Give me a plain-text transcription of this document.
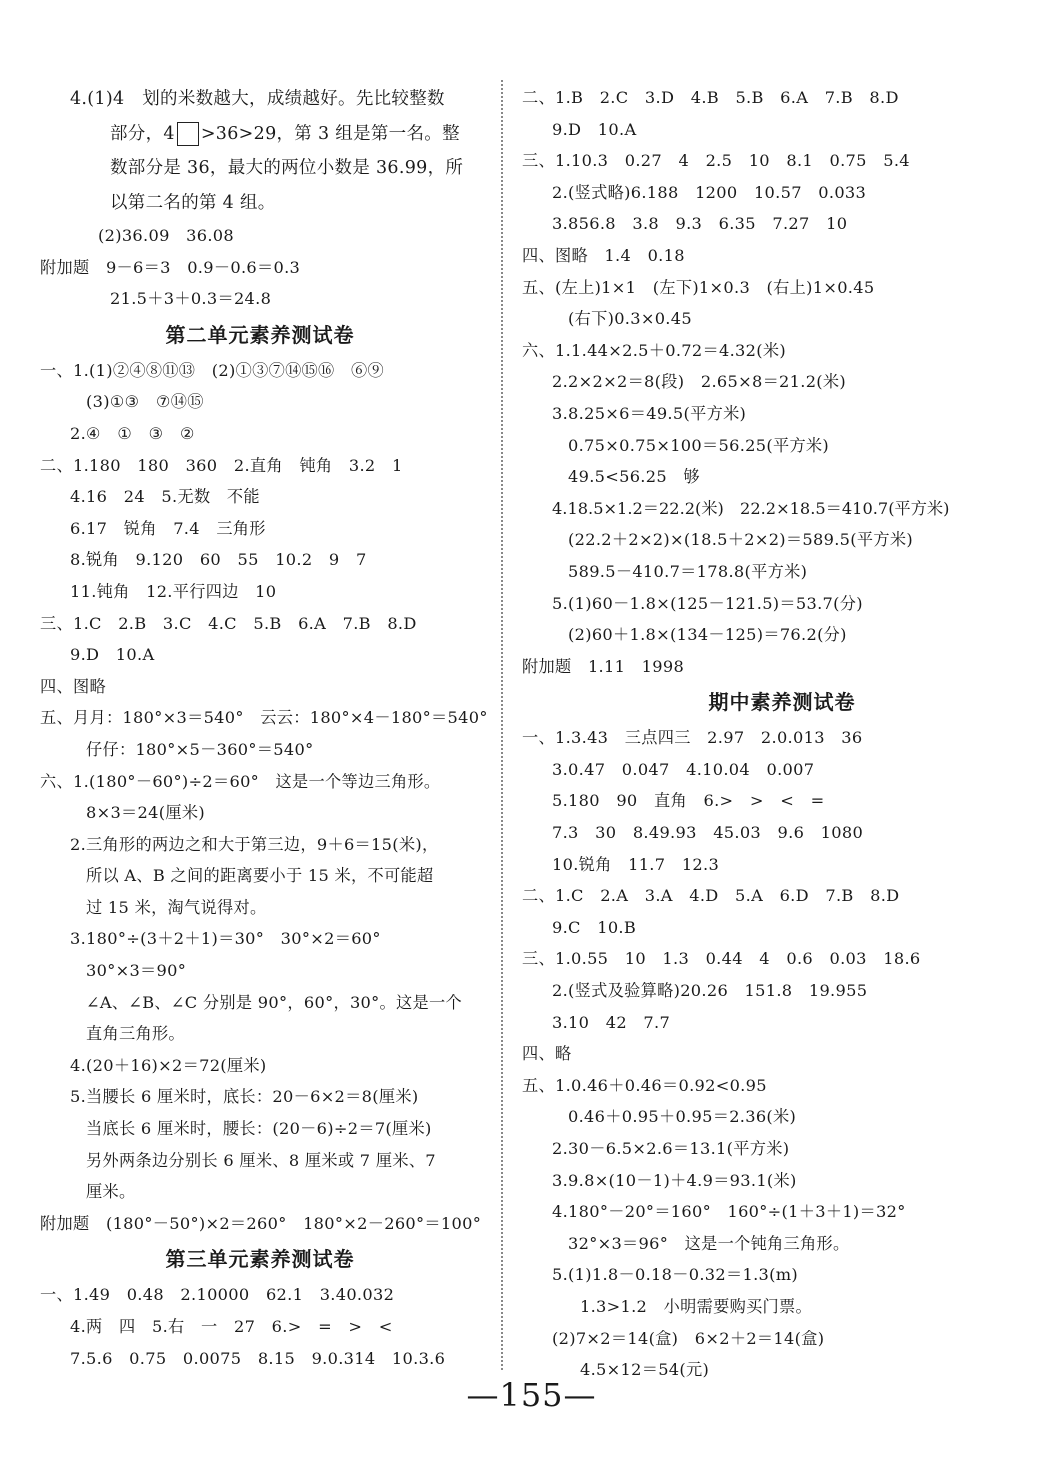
4.(1)4　划的米数越大，成绩越好。先比较整数
部分，4 >36>29，第 3 组是第一名。整
数部分是 36，最大的两位小数是 36.99，所
以第二名的第 4 组。
(2)36.09　36.08
附加题　9－6＝3　0.9－0.6＝0.3
21.5＋3＋0.3＝24.8
第二单元素养测试卷
一、1.(1)②④⑧⑪⑬　(2)①③⑦⑭⑮⑯　⑥⑨
(3)①③　⑦⑭⑮
2.④　①　③　②
二、1.180　180　360　2.直角　钝角　3.2　1
4.16　24　5.无数　不能
6.17　锐角　7.4　三角形
8.锐角　9.120　60　55　10.2　9　7
11.钝角　12.平行四边　10
三、1.C　2.B　3.C　4.C　5.B　6.A　7.B　8.D
9.D　10.A
四、图略
五、月月：180°×3＝540°　云云：180°×4－180°＝540°
仔仔：180°×5－360°＝540°
六、1.(180°－60°)÷2＝60°　这是一个等边三角形。
8×3＝24(厘米)
2.三角形的两边之和大于第三边，9＋6＝15(米)，
所以 A、B 之间的距离要小于 15 米，不可能超
过 15 米，淘气说得对。
3.180°÷(3＋2＋1)＝30°　30°×2＝60°
30°×3＝90°
∠A、∠B、∠C 分别是 90°，60°，30°。这是一个
直角三角形。
4.(20＋16)×2＝72(厘米)
5.当腰长 6 厘米时，底长：20－6×2＝8(厘米)
当底长 6 厘米时，腰长：(20－6)÷2＝7(厘米)
另外两条边分别长 6 厘米、8 厘米或 7 厘米、7
厘米。
附加题　(180°－50°)×2＝260°　180°×2－260°＝100°
第三单元素养测试卷
一、1.49　0.48　2.10000　62.1　3.40.032
4.两　四　5.右　一　27　6.>　=　>　<
7.5.6　0.75　0.0075　8.15　9.0.314　10.3.6
二、1.B　2.C　3.D　4.B　5.B　6.A　7.B　8.D
9.D　10.A
三、1.10.3　0.27　4　2.5　10　8.1　0.75　5.4
2.(竖式略)6.188　1200　10.57　0.033
3.856.8　3.8　9.3　6.35　7.27　10
四、图略　1.4　0.18
五、(左上)1×1　(左下)1×0.3　(右上)1×0.45
(右下)0.3×0.45
六、1.1.44×2.5＋0.72＝4.32(米)
2.2×2×2＝8(段)　2.65×8＝21.2(米)
3.8.25×6＝49.5(平方米)
0.75×0.75×100＝56.25(平方米)
49.5<56.25　够
4.18.5×1.2＝22.2(米)　22.2×18.5＝410.7(平方米)
(22.2＋2×2)×(18.5＋2×2)＝589.5(平方米)
589.5－410.7＝178.8(平方米)
5.(1)60－1.8×(125－121.5)＝53.7(分)
(2)60＋1.8×(134－125)＝76.2(分)
附加题　1.11　1998
期中素养测试卷
一、1.3.43　三点四三　2.97　2.0.013　36
3.0.47　0.047　4.10.04　0.007
5.180　90　直角　6.>　>　<　=
7.3　30　8.49.93　45.03　9.6　1080
10.锐角　11.7　12.3
二、1.C　2.A　3.A　4.D　5.A　6.D　7.B　8.D
9.C　10.B
三、1.0.55　10　1.3　0.44　4　0.6　0.03　18.6
2.(竖式及验算略)20.26　151.8　19.955
3.10　42　7.7
四、略
五、1.0.46＋0.46＝0.92<0.95
0.46＋0.95＋0.95＝2.36(米)
2.30－6.5×2.6＝13.1(平方米)
3.9.8×(10－1)＋4.9＝93.1(米)
4.180°－20°＝160°　160°÷(1＋3＋1)＝32°
32°×3＝96°　这是一个钝角三角形。
5.(1)1.8－0.18－0.32＝1.3(m)
1.3>1.2　小明需要购买门票。
(2)7×2＝14(盒)　6×2＋2＝14(盒)
4.5×12＝54(元)
—155—
